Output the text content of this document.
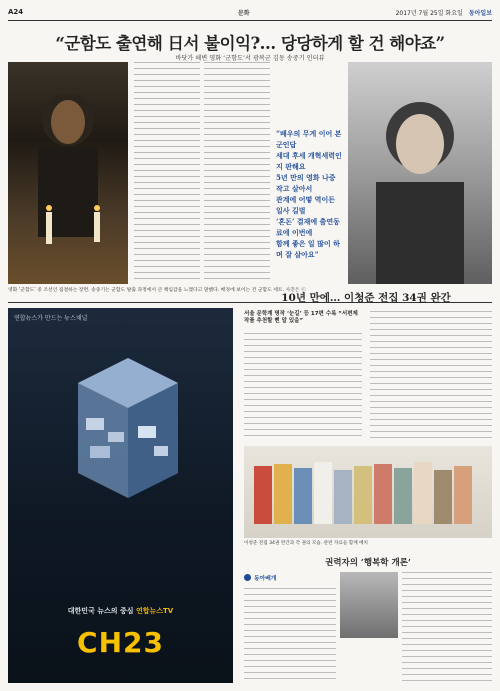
A24	문화	2017년 7월 25일 화요일 동아일보
“군함도 출연해 日서 불이익?… 당당하게 할 건 해야죠”
바닷가 해변 영화 ‘군함도’서 광복군 김동 송중기 인터뷰
“배우의 무게 이어 본 군인답
세대 후세 개혁세력인지 판해요
5년 만의 영화 나중 작고 살아서
관계에 어떻 역이든 일사 길벌
‘혼돈’ 결재에 출연동료에 이번에
함께 좋은 일 많이 하며 잘 살아요”
영화 ‘군함도’ 중 조선인 집결하는 장면. 송중기는 군함도 탈출 과정에서 큰 책임감을 느꼈다고 말했다. 배경에 보이는 건 군함도 세트. 사진은 ⓒ
연합뉴스가 만드는 뉴스채널
대한민국 뉴스의 중심 연합뉴스TV
CH23
10년 만에… 이청준 전집 34권 완간
서울 문학계 명작 ‘눈길’ 등 17편 수록 “서편제 작품 추천할 뻔 알 있을”
이청준 전집 34권 완간과 각 권의 모습. 관련 자료들 함께 배치
권력자의 ‘행복학 개론’
동아베개
